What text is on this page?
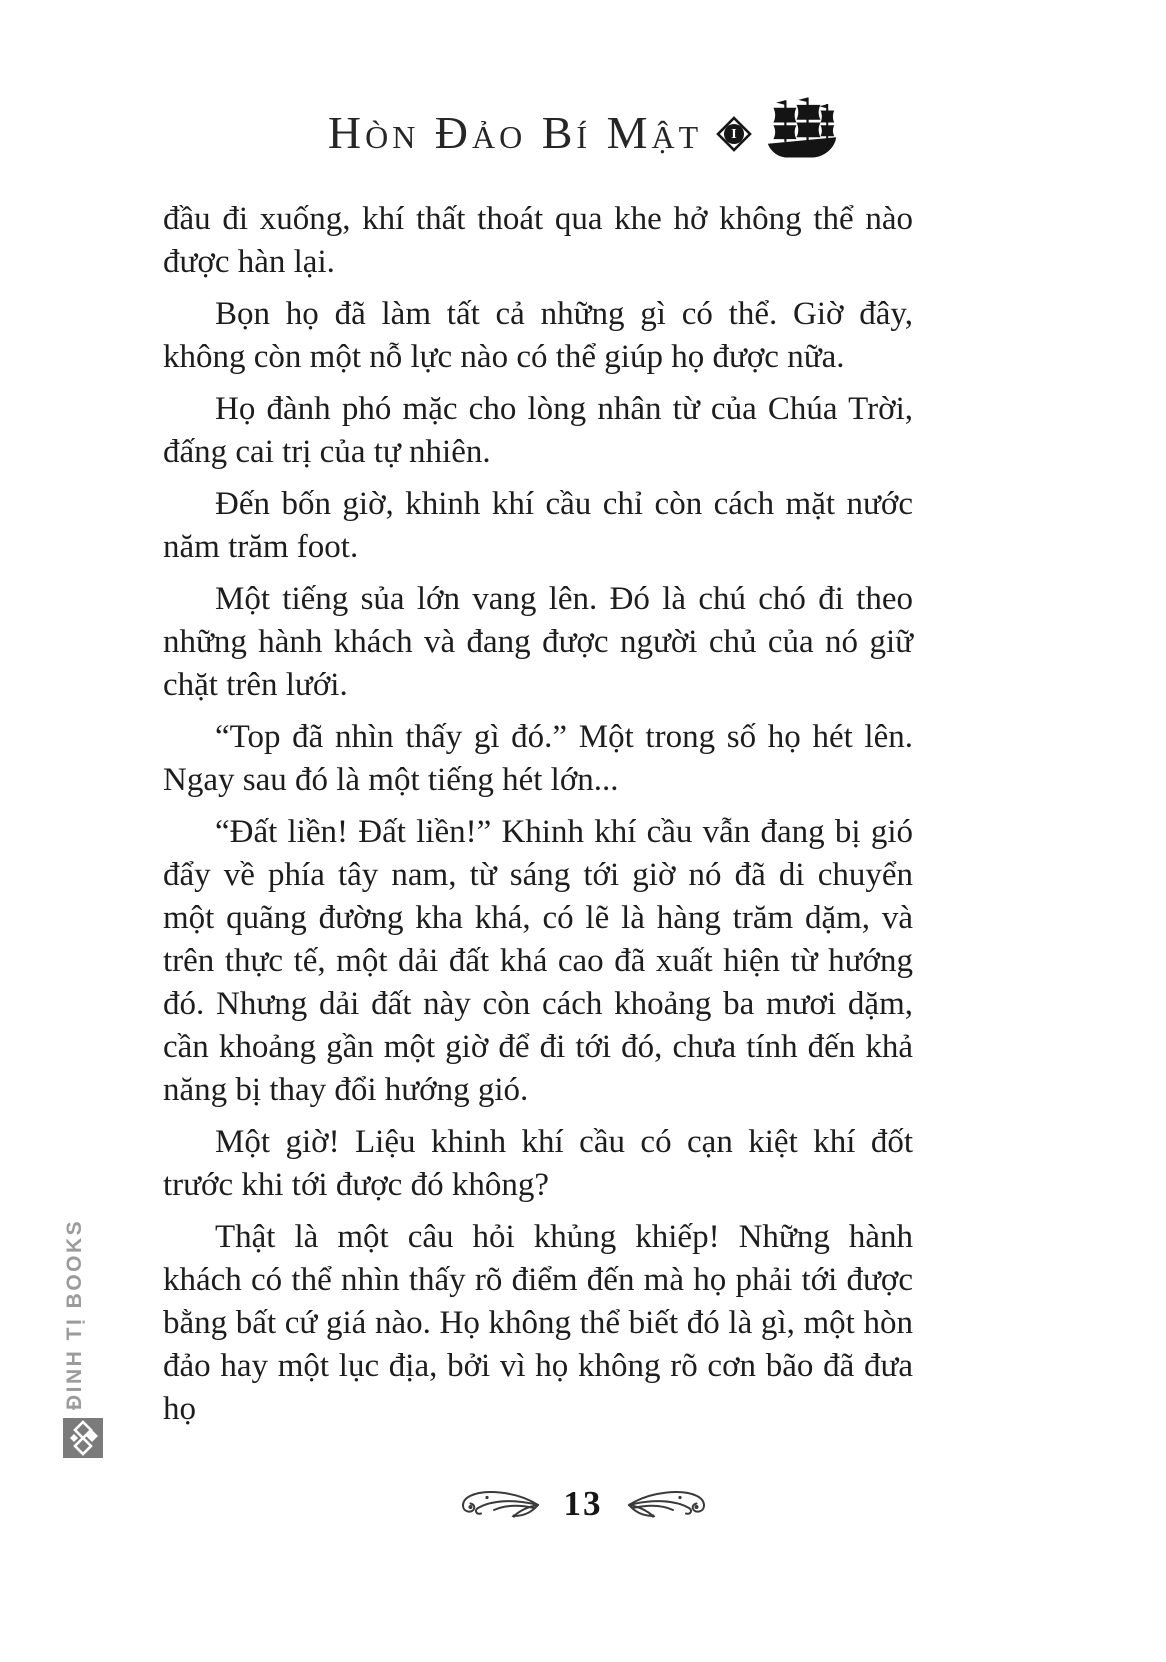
Hòn Đảo Bí Mật I

đầu đi xuống, khí thất thoát qua khe hở không thể nào được hàn lại.

Bọn họ đã làm tất cả những gì có thể. Giờ đây, không còn một nỗ lực nào có thể giúp họ được nữa.

Họ đành phó mặc cho lòng nhân từ của Chúa Trời, đấng cai trị của tự nhiên.

Đến bốn giờ, khinh khí cầu chỉ còn cách mặt nước năm trăm foot.

Một tiếng sủa lớn vang lên. Đó là chú chó đi theo những hành khách và đang được người chủ của nó giữ chặt trên lưới.

“Top đã nhìn thấy gì đó.” Một trong số họ hét lên. Ngay sau đó là một tiếng hét lớn...

“Đất liền! Đất liền!” Khinh khí cầu vẫn đang bị gió đẩy về phía tây nam, từ sáng tới giờ nó đã di chuyển một quãng đường kha khá, có lẽ là hàng trăm dặm, và trên thực tế, một dải đất khá cao đã xuất hiện từ hướng đó. Nhưng dải đất này còn cách khoảng ba mươi dặm, cần khoảng gần một giờ để đi tới đó, chưa tính đến khả năng bị thay đổi hướng gió.

Một giờ! Liệu khinh khí cầu có cạn kiệt khí đốt trước khi tới được đó không?

Thật là một câu hỏi khủng khiếp! Những hành khách có thể nhìn thấy rõ điểm đến mà họ phải tới được bằng bất cứ giá nào. Họ không thể biết đó là gì, một hòn đảo hay một lục địa, bởi vì họ không rõ cơn bão đã đưa họ

ĐINH TỊ BOOKS
13
